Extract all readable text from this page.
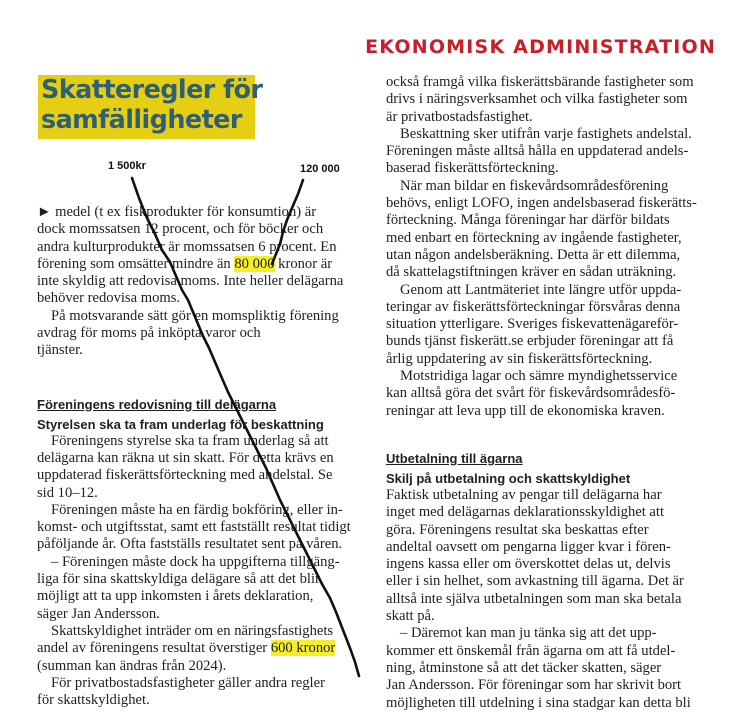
EKONOMISK ADMINISTRATION
Skatteregler för
samfälligheter
1 500kr	120 000

► medel (t ex fiskprodukter för konsumtion) är

dock momssatsen 12 procent, och för böcker och

andra kulturprodukter är momssatsen 6 procent. En

förening som omsätter mindre än 80 000 kronor är

inte skyldig att redovisa moms. Inte heller delägarna

behöver redovisa moms.

På motsvarande sätt gör en momspliktig förening

avdrag för moms på inköpta varor och

tjänster.

Föreningens redovisning till delägarna
Styrelsen ska ta fram underlag för beskattning

Föreningens styrelse ska ta fram underlag så att

delägarna kan räkna ut sin skatt. För detta krävs en

uppdaterad fiskerättsförteckning med andelstal. Se

sid 10–12.

Föreningen måste ha en färdig bokföring, eller in-

komst- och utgiftsstat, samt ett fastställt resultat tidigt

påföljande år. Ofta fastställs resultatet sent på våren.

– Föreningen måste dock ha uppgifterna tillgäng-

liga för sina skattskyldiga delägare så att det blir

möjligt att ta upp inkomsten i årets deklaration,

säger Jan Andersson.

Skattskyldighet inträder om en näringsfastighets

andel av föreningens resultat överstiger 600 kronor

(summan kan ändras från 2024).

För privatbostadsfastigheter gäller andra regler

för skattskyldighet.

också framgå vilka fiskerättsbärande fastigheter som

drivs i näringsverksamhet och vilka fastigheter som

är privatbostadsfastighet.

Beskattning sker utifrån varje fastighets andelstal.

Föreningen måste alltså hålla en uppdaterad andels-

baserad fiskerättsförteckning.

När man bildar en fiskevårdsområdesförening

behövs, enligt LOFO, ingen andelsbaserad fiskerätts-

förteckning. Många föreningar har därför bildats

med enbart en förteckning av ingående fastigheter,

utan någon andelsberäkning. Detta är ett dilemma,

då skattelagstiftningen kräver en sådan uträkning.

Genom att Lantmäteriet inte längre utför uppda-

teringar av fiskerättsförteckningar försvåras denna

situation ytterligare. Sveriges fiskevattenägareför-

bunds tjänst fiskerätt.se erbjuder föreningar att få

årlig uppdatering av sin fiskerättsförteckning.

Motstridiga lagar och sämre myndighetsservice

kan alltså göra det svårt för fiskevårdsområdesfö-

reningar att leva upp till de ekonomiska kraven.

Utbetalning till ägarna
Skilj på utbetalning och skattskyldighet

Faktisk utbetalning av pengar till delägarna har

inget med delägarnas deklarationsskyldighet att

göra. Föreningens resultat ska beskattas efter

andeltal oavsett om pengarna ligger kvar i fören-

ingens kassa eller om överskottet delas ut, delvis

eller i sin helhet, som avkastning till ägarna. Det är

alltså inte själva utbetalningen som man ska betala

skatt på.

– Däremot kan man ju tänka sig att det upp-

kommer ett önskemål från ägarna om att få utdel-

ning, åtminstone så att det täcker skatten, säger

Jan Andersson. För föreningar som har skrivit bort

möjligheten till utdelning i sina stadgar kan detta bli
